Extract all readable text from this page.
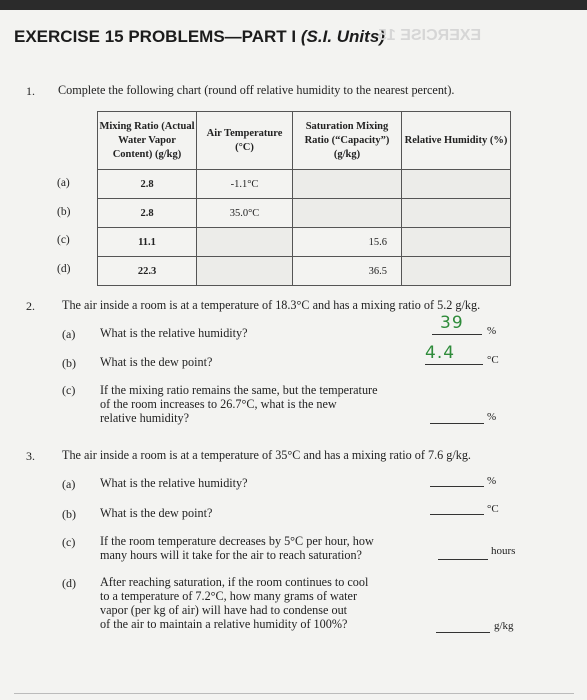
EXERCISE 15 PROBLEMS—PART I (S.I. Units)
EXERCISE 15
1. Complete the following chart (round off relative humidity to the nearest percent).
Mixing Ratio (Actual Water Vapor Content) (g/kg)	Air Temperature (°C)	Saturation Mixing Ratio (“Capacity”) (g/kg)	Relative Humidity (%)
2.8	-1.1°C		
2.8	35.0°C		
11.1		15.6	
22.3		36.5	
(a)
(b)
(c)
(d)
2. The air inside a room is at a temperature of 18.3°C and has a mixing ratio of 5.2 g/kg.
(a) What is the relative humidity?	39 %
(b) What is the dew point?	4.4	°C
(c) If the mixing ratio remains the same, but the temperature
of the room increases to 26.7°C, what is the new
relative humidity?	%
3. The air inside a room is at a temperature of 35°C and has a mixing ratio of 7.6 g/kg.
(a) What is the relative humidity?	%
(b) What is the dew point?	°C
(c) If the room temperature decreases by 5°C per hour, how
many hours will it take for the air to reach saturation?	hours
(d) After reaching saturation, if the room continues to cool
to a temperature of 7.2°C, how many grams of water
vapor (per kg of air) will have had to condense out
of the air to maintain a relative humidity of 100%?	g/kg
